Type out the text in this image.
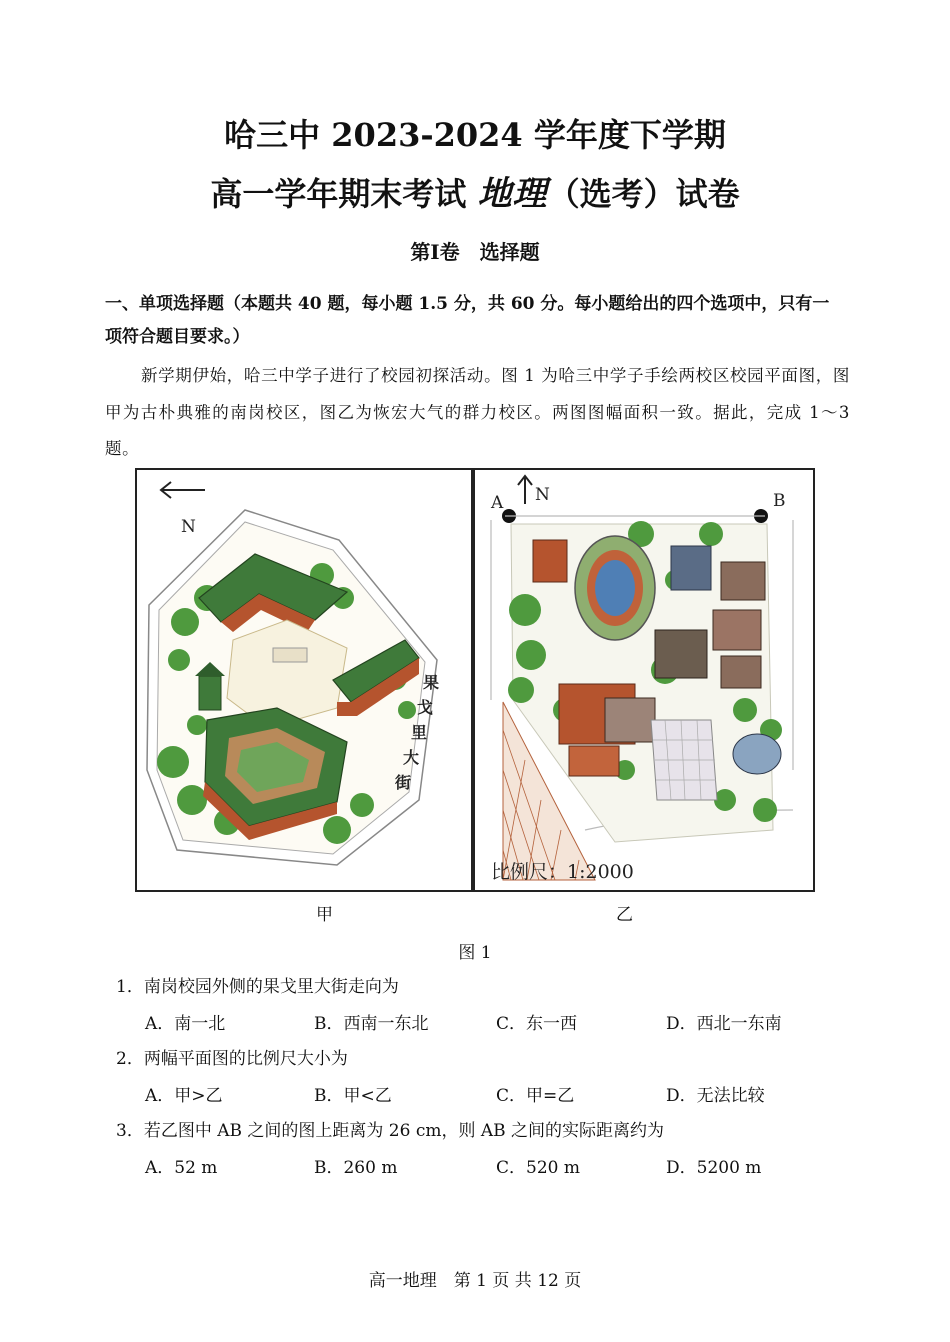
哈三中 2023-2024 学年度下学期
高一学年期末考试 地理（选考）试卷
第Ⅰ卷　选择题
一、单项选择题（本题共 40 题，每小题 1.5 分，共 60 分。每小题给出的四个选项中，只有一项符合题目要求。）
新学期伊始，哈三中学子进行了校园初探活动。图 1 为哈三中学子手绘两校区校园平面图，图甲为古朴典雅的南岗校区，图乙为恢宏大气的群力校区。两图图幅面积一致。据此，完成 1～3 题。
N
果
戈
里
大
街
N
A	B
比例尺：1:2000
甲	乙
图 1
1．南岗校园外侧的果戈里大街走向为
A．南一北	B．西南一东北	C．东一西	D．西北一东南
2．两幅平面图的比例尺大小为
A．甲>乙	B．甲<乙	C．甲=乙	D．无法比较
3．若乙图中 AB 之间的图上距离为 26 cm，则 AB 之间的实际距离约为
A．52 m	B．260 m	C．520 m	D．5200 m
高一地理　第 1 页 共 12 页
